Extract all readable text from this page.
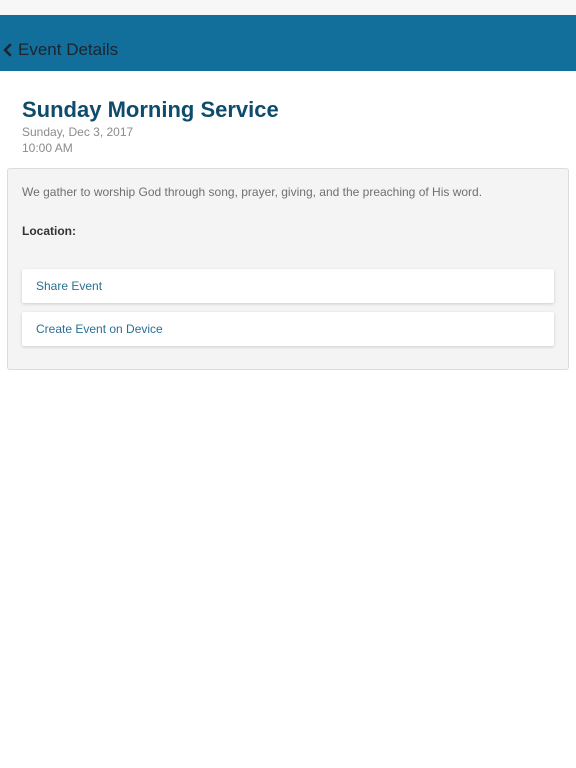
Event Details
Sunday Morning Service
Sunday, Dec 3, 2017
10:00 AM
We gather to worship God through song, prayer, giving, and the preaching of His word.
Location:
Share Event
Create Event on Device
